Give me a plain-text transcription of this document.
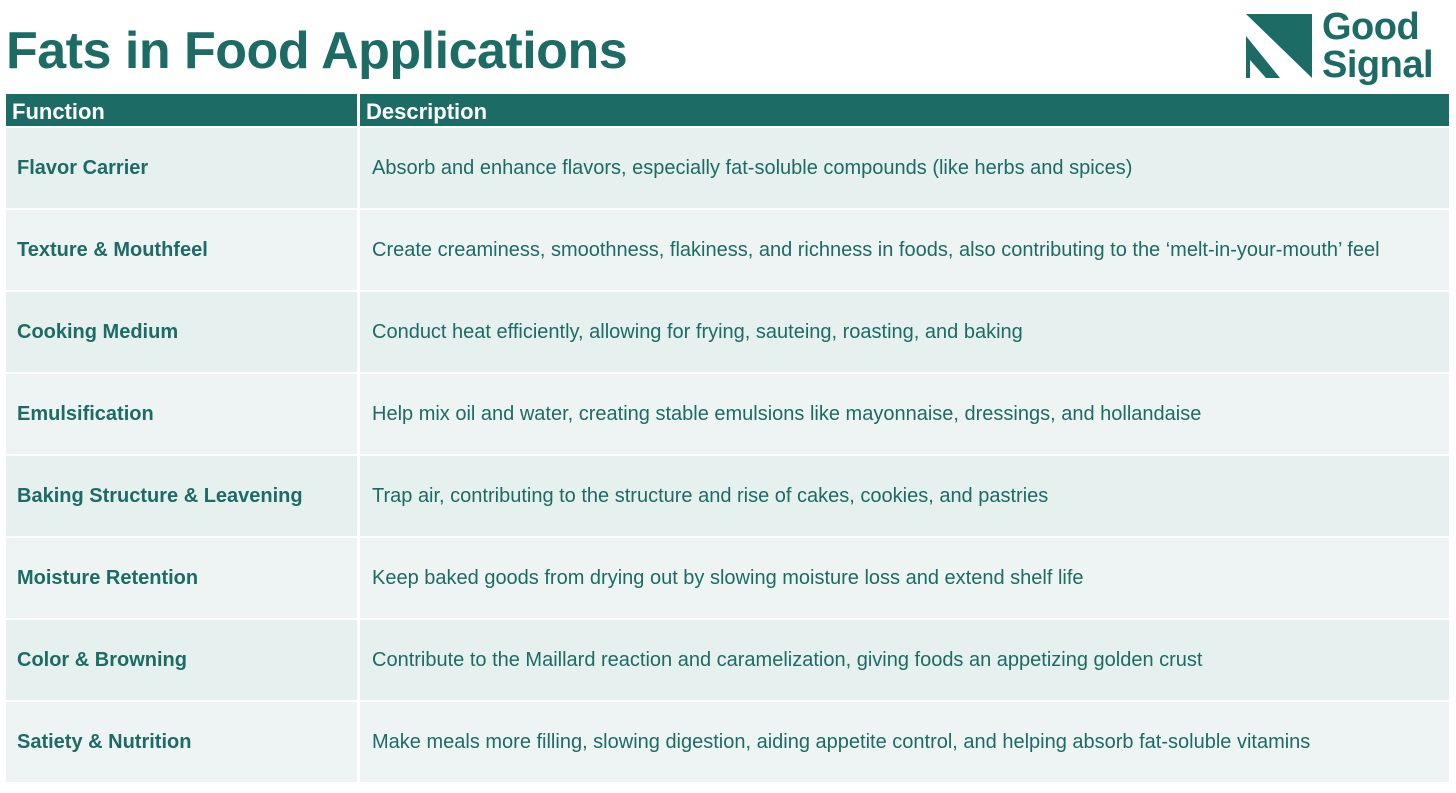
Fats in Food Applications	Good
Signal
Function	Description
Flavor Carrier	Absorb and enhance flavors, especially fat-soluble compounds (like herbs and spices)
Texture & Mouthfeel	Create creaminess, smoothness, flakiness, and richness in foods, also contributing to the ‘melt-in-your-mouth’ feel
Cooking Medium	Conduct heat efficiently, allowing for frying, sauteing, roasting, and baking
Emulsification	Help mix oil and water, creating stable emulsions like mayonnaise, dressings, and hollandaise
Baking Structure & Leavening	Trap air, contributing to the structure and rise of cakes, cookies, and pastries
Moisture Retention	Keep baked goods from drying out by slowing moisture loss and extend shelf life
Color & Browning	Contribute to the Maillard reaction and caramelization, giving foods an appetizing golden crust
Satiety & Nutrition	Make meals more filling, slowing digestion, aiding appetite control, and helping absorb fat-soluble vitamins
